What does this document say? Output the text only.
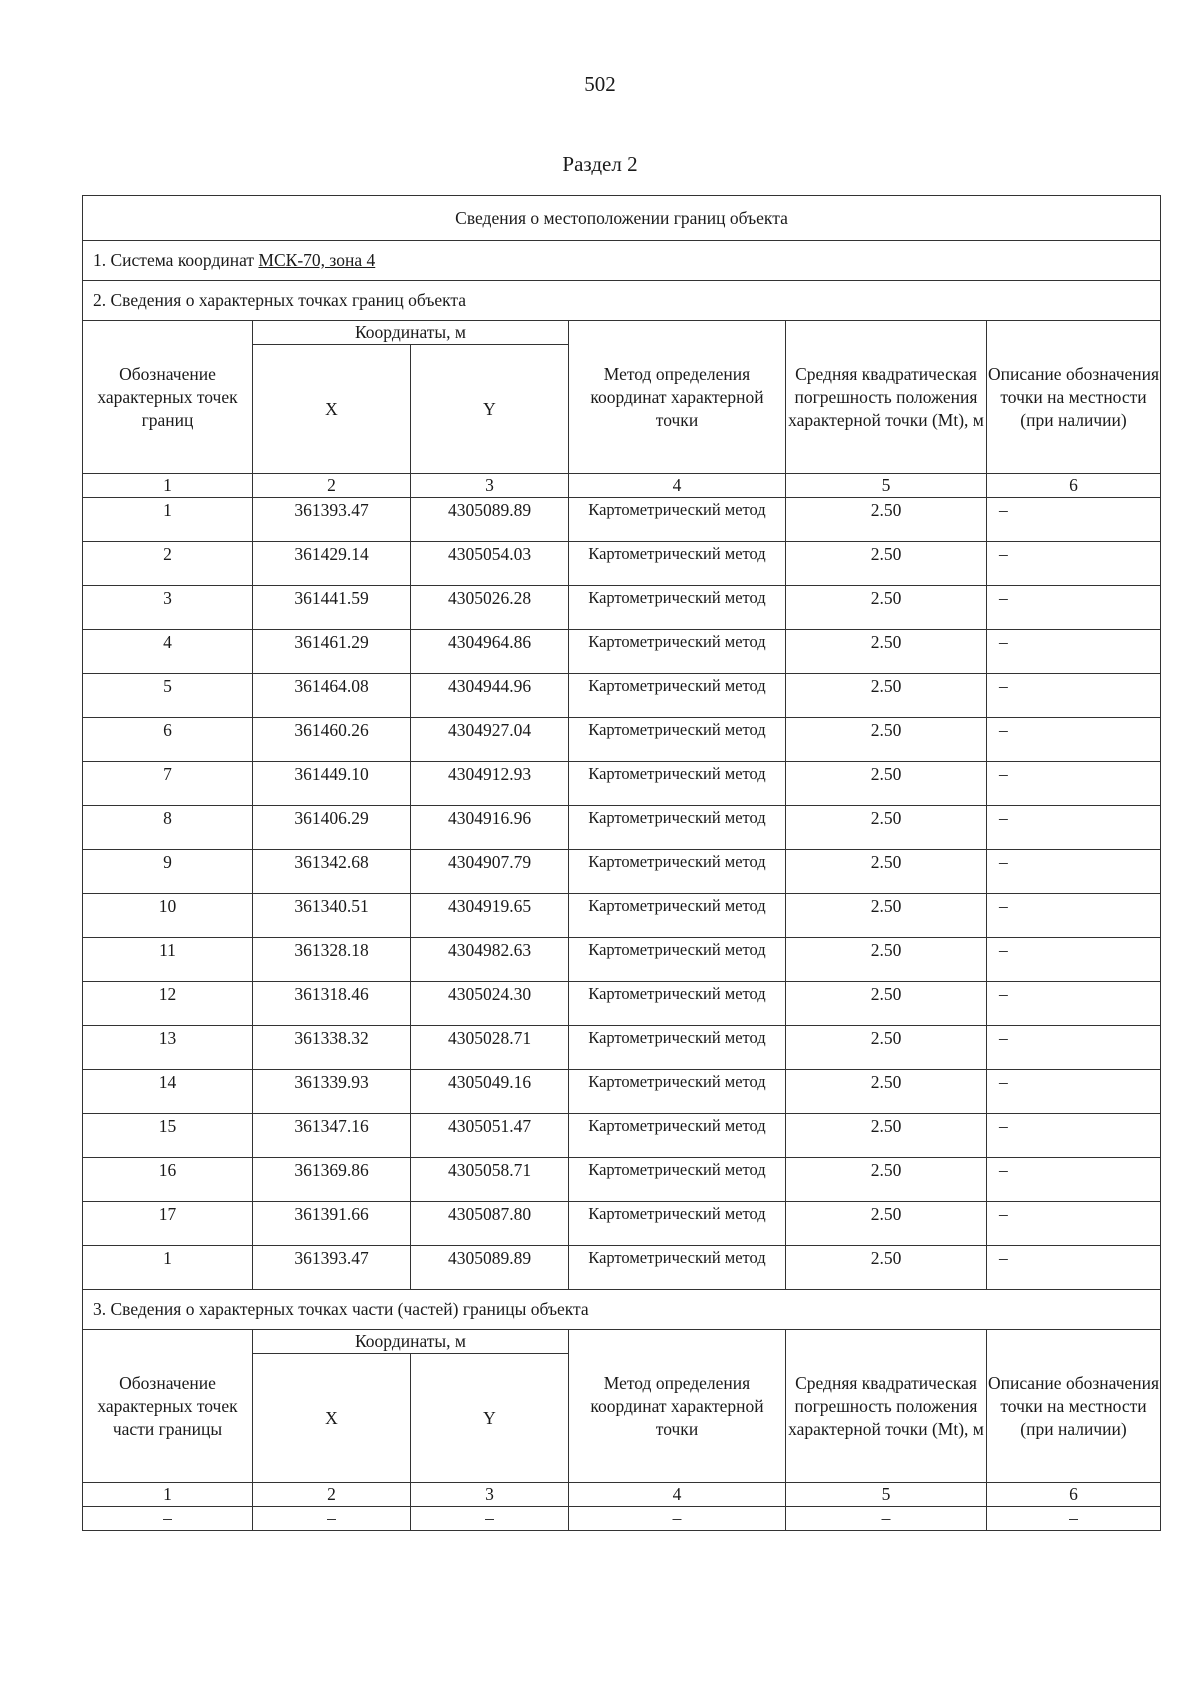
502
Раздел 2
Сведения о местоположении границ объекта					
1. Система координат МСК-70, зона 4					
2. Сведения о характерных точках границ объекта					
Обозначение характерных точек границ	Координаты, м		Метод определения координат характерной точки	Средняя квадратическая погрешность положения характерной точки (Mt), м	Описание обозначения точки на местности (при наличии)
	X	Y			
1	2	3	4	5	6
1	361393.47	4305089.89	Картометрический метод	2.50	–
2	361429.14	4305054.03	Картометрический метод	2.50	–
3	361441.59	4305026.28	Картометрический метод	2.50	–
4	361461.29	4304964.86	Картометрический метод	2.50	–
5	361464.08	4304944.96	Картометрический метод	2.50	–
6	361460.26	4304927.04	Картометрический метод	2.50	–
7	361449.10	4304912.93	Картометрический метод	2.50	–
8	361406.29	4304916.96	Картометрический метод	2.50	–
9	361342.68	4304907.79	Картометрический метод	2.50	–
10	361340.51	4304919.65	Картометрический метод	2.50	–
11	361328.18	4304982.63	Картометрический метод	2.50	–
12	361318.46	4305024.30	Картометрический метод	2.50	–
13	361338.32	4305028.71	Картометрический метод	2.50	–
14	361339.93	4305049.16	Картометрический метод	2.50	–
15	361347.16	4305051.47	Картометрический метод	2.50	–
16	361369.86	4305058.71	Картометрический метод	2.50	–
17	361391.66	4305087.80	Картометрический метод	2.50	–
1	361393.47	4305089.89	Картометрический метод	2.50	–
3. Сведения о характерных точках части (частей) границы объекта					
Обозначение характерных точек части границы	Координаты, м		Метод определения координат характерной точки	Средняя квадратическая погрешность положения характерной точки (Mt), м	Описание обозначения точки на местности (при наличии)
	X	Y			
1	2	3	4	5	6
–	–	–	–	–	–
